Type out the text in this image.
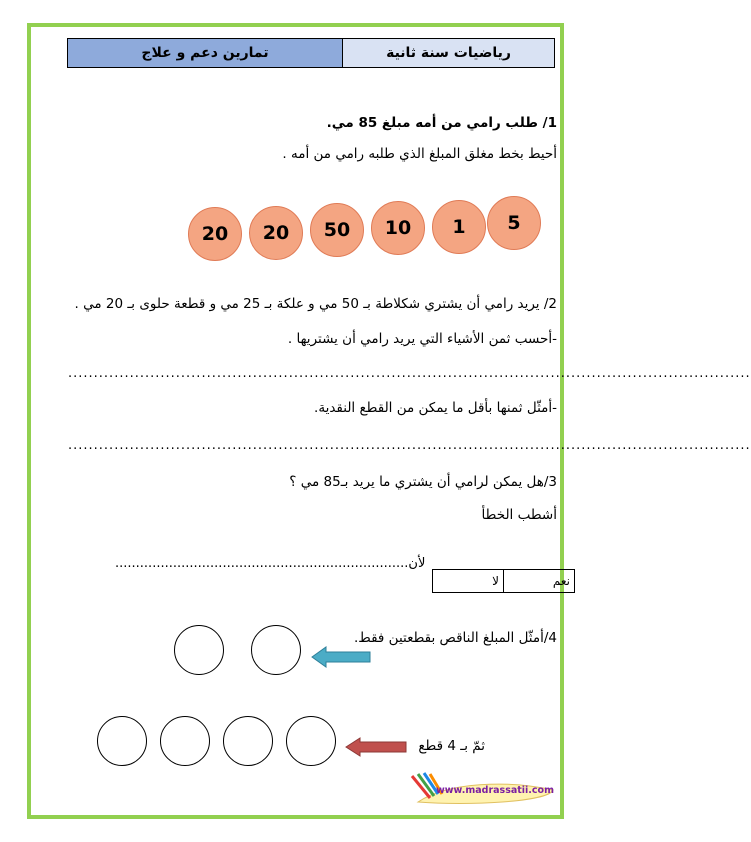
تمارين دعم و علاج	رياضيات سنة ثانية
1/ طلب رامي من أمه مبلغ 85 مي.
أحيط بخط مغلق المبلغ الذي طلبه رامي من أمه .
5
1
10
50
20
20
2/ يريد رامي أن يشتري شكلاطة بـ 50 مي و علكة بـ 25 مي و قطعة حلوى بـ 20 مي .
-أحسب ثمن الأشياء التي يريد رامي أن يشتريها .
.....................................................................................................................................
-أمثّل ثمنها بأقل ما يمكن من القطع النقدية.
.....................................................................................................................................
3/هل يمكن لرامي أن يشتري ما يريد بـ85 مي ؟
أشطب الخطأ
لأن.......................................................................
نعم	لا
4/أمثّل المبلغ الناقص بقطعتين فقط.
ثمّ بـ 4 قطع
www.madrassatii.com
